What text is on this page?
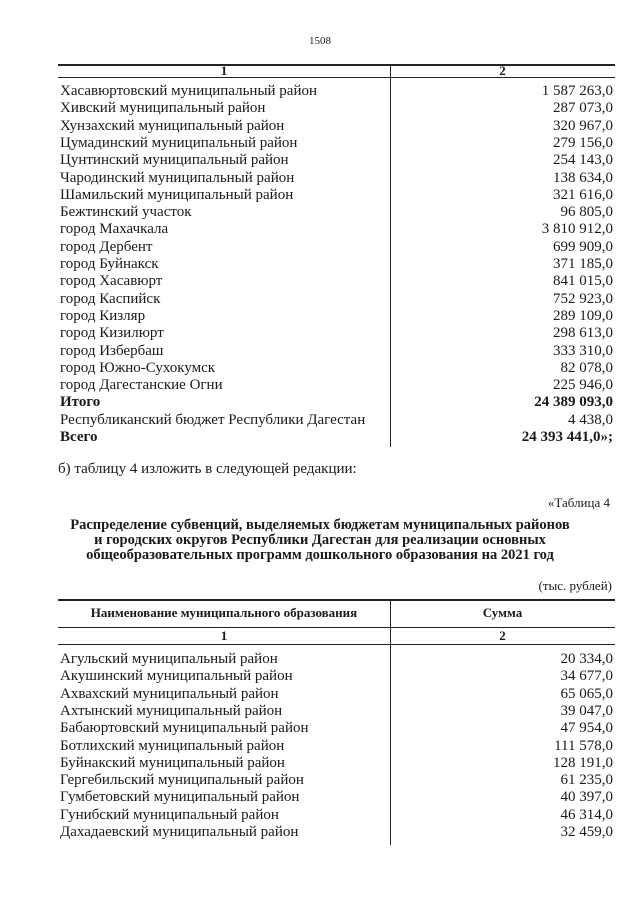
1508
1	2
Хасавюртовский муниципальный район	1 587 263,0
Хивский муниципальный район	287 073,0
Хунзахский муниципальный район	320 967,0
Цумадинский муниципальный район	279 156,0
Цунтинский муниципальный район	254 143,0
Чародинский муниципальный район	138 634,0
Шамильский муниципальный район	321 616,0
Бежтинский участок	96 805,0
город Махачкала	3 810 912,0
город Дербент	699 909,0
город Буйнакск	371 185,0
город Хасавюрт	841 015,0
город Каспийск	752 923,0
город Кизляр	289 109,0
город Кизилюрт	298 613,0
город Избербаш	333 310,0
город Южно-Сухокумск	82 078,0
город Дагестанские Огни	225 946,0
Итого	24 389 093,0
Республиканский бюджет Республики Дагестан	4 438,0
Всего	24 393 441,0»;
б) таблицу 4 изложить в следующей редакции:
«Таблица 4
Распределение субвенций, выделяемых бюджетам муниципальных районов
и городских округов Республики Дагестан для реализации основных
общеобразовательных программ дошкольного образования на 2021 год
(тыс. рублей)
Наименование муниципального образования	Сумма
1	2
Агульский муниципальный район	20 334,0
Акушинский муниципальный район	34 677,0
Ахвахский муниципальный район	65 065,0
Ахтынский муниципальный район	39 047,0
Бабаюртовский муниципальный район	47 954,0
Ботлихский муниципальный район	111 578,0
Буйнакский муниципальный район	128 191,0
Гергебильский муниципальный район	61 235,0
Гумбетовский муниципальный район	40 397,0
Гунибский муниципальный район	46 314,0
Дахадаевский муниципальный район	32 459,0
